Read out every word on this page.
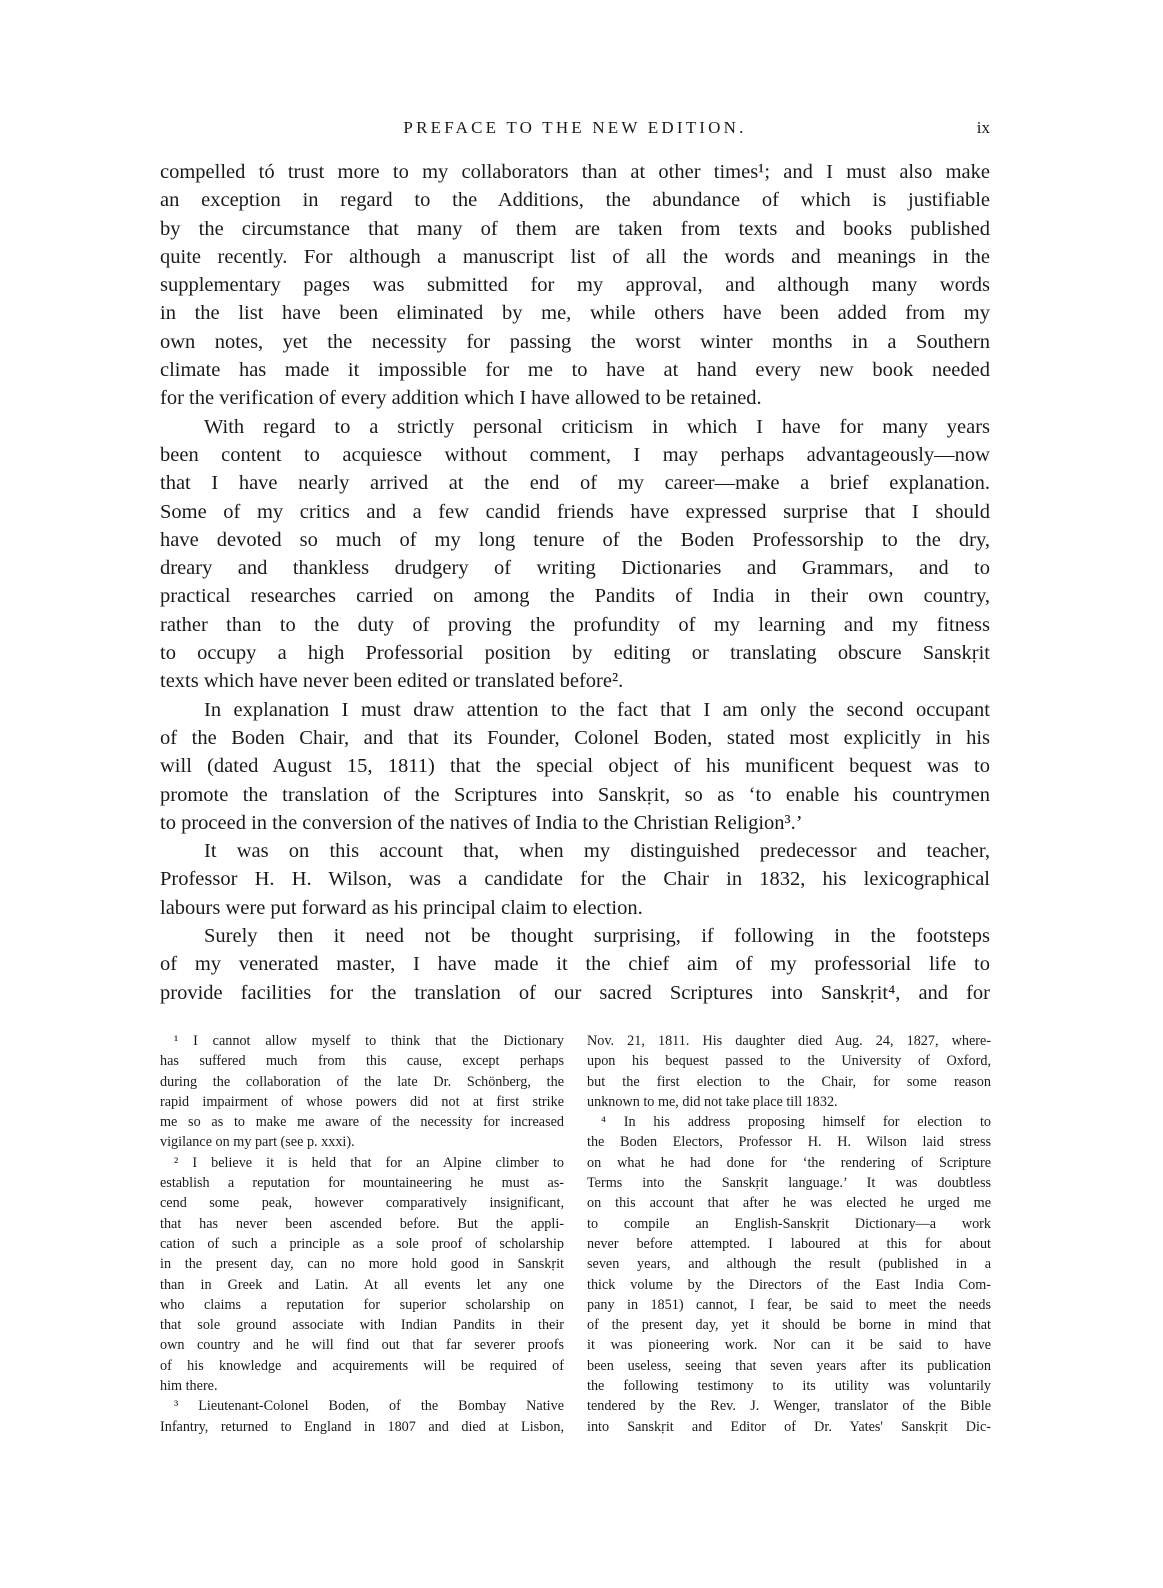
PREFACE TO THE NEW EDITION.	ix
compelled tó trust more to my collaborators than at other times¹; and I must also make
an exception in regard to the Additions, the abundance of which is justifiable
by the circumstance that many of them are taken from texts and books published
quite recently. For although a manuscript list of all the words and meanings in the
supplementary pages was submitted for my approval, and although many words
in the list have been eliminated by me, while others have been added from my
own notes, yet the necessity for passing the worst winter months in a Southern
climate has made it impossible for me to have at hand every new book needed
for the verification of every addition which I have allowed to be retained.
With regard to a strictly personal criticism in which I have for many years
been content to acquiesce without comment, I may perhaps advantageously—now
that I have nearly arrived at the end of my career—make a brief explanation.
Some of my critics and a few candid friends have expressed surprise that I should
have devoted so much of my long tenure of the Boden Professorship to the dry,
dreary and thankless drudgery of writing Dictionaries and Grammars, and to
practical researches carried on among the Pandits of India in their own country,
rather than to the duty of proving the profundity of my learning and my fitness
to occupy a high Professorial position by editing or translating obscure Sanskṛit
texts which have never been edited or translated before².
In explanation I must draw attention to the fact that I am only the second occupant
of the Boden Chair, and that its Founder, Colonel Boden, stated most explicitly in his
will (dated August 15, 1811) that the special object of his munificent bequest was to
promote the translation of the Scriptures into Sanskṛit, so as ‘to enable his countrymen
to proceed in the conversion of the natives of India to the Christian Religion³.’
It was on this account that, when my distinguished predecessor and teacher,
Professor H. H. Wilson, was a candidate for the Chair in 1832, his lexicographical
labours were put forward as his principal claim to election.
Surely then it need not be thought surprising, if following in the footsteps
of my venerated master, I have made it the chief aim of my professorial life to
provide facilities for the translation of our sacred Scriptures into Sanskṛit⁴, and for
¹ I cannot allow myself to think that the Dictionary
has suffered much from this cause, except perhaps
during the collaboration of the late Dr. Schönberg, the
rapid impairment of whose powers did not at first strike
me so as to make me aware of the necessity for increased
vigilance on my part (see p. xxxi).
² I believe it is held that for an Alpine climber to
establish a reputation for mountaineering he must as-
cend some peak, however comparatively insignificant,
that has never been ascended before. But the appli-
cation of such a principle as a sole proof of scholarship
in the present day, can no more hold good in Sanskṛit
than in Greek and Latin. At all events let any one
who claims a reputation for superior scholarship on
that sole ground associate with Indian Pandits in their
own country and he will find out that far severer proofs
of his knowledge and acquirements will be required of
him there.
³ Lieutenant-Colonel Boden, of the Bombay Native
Infantry, returned to England in 1807 and died at Lisbon,
Nov. 21, 1811. His daughter died Aug. 24, 1827, where-
upon his bequest passed to the University of Oxford,
but the first election to the Chair, for some reason
unknown to me, did not take place till 1832.
⁴ In his address proposing himself for election to
the Boden Electors, Professor H. H. Wilson laid stress
on what he had done for ‘the rendering of Scripture
Terms into the Sanskṛit language.’ It was doubtless
on this account that after he was elected he urged me
to compile an English-Sanskṛit Dictionary—a work
never before attempted. I laboured at this for about
seven years, and although the result (published in a
thick volume by the Directors of the East India Com-
pany in 1851) cannot, I fear, be said to meet the needs
of the present day, yet it should be borne in mind that
it was pioneering work. Nor can it be said to have
been useless, seeing that seven years after its publication
the following testimony to its utility was voluntarily
tendered by the Rev. J. Wenger, translator of the Bible
into Sanskṛit and Editor of Dr. Yates' Sanskṛit Dic-
